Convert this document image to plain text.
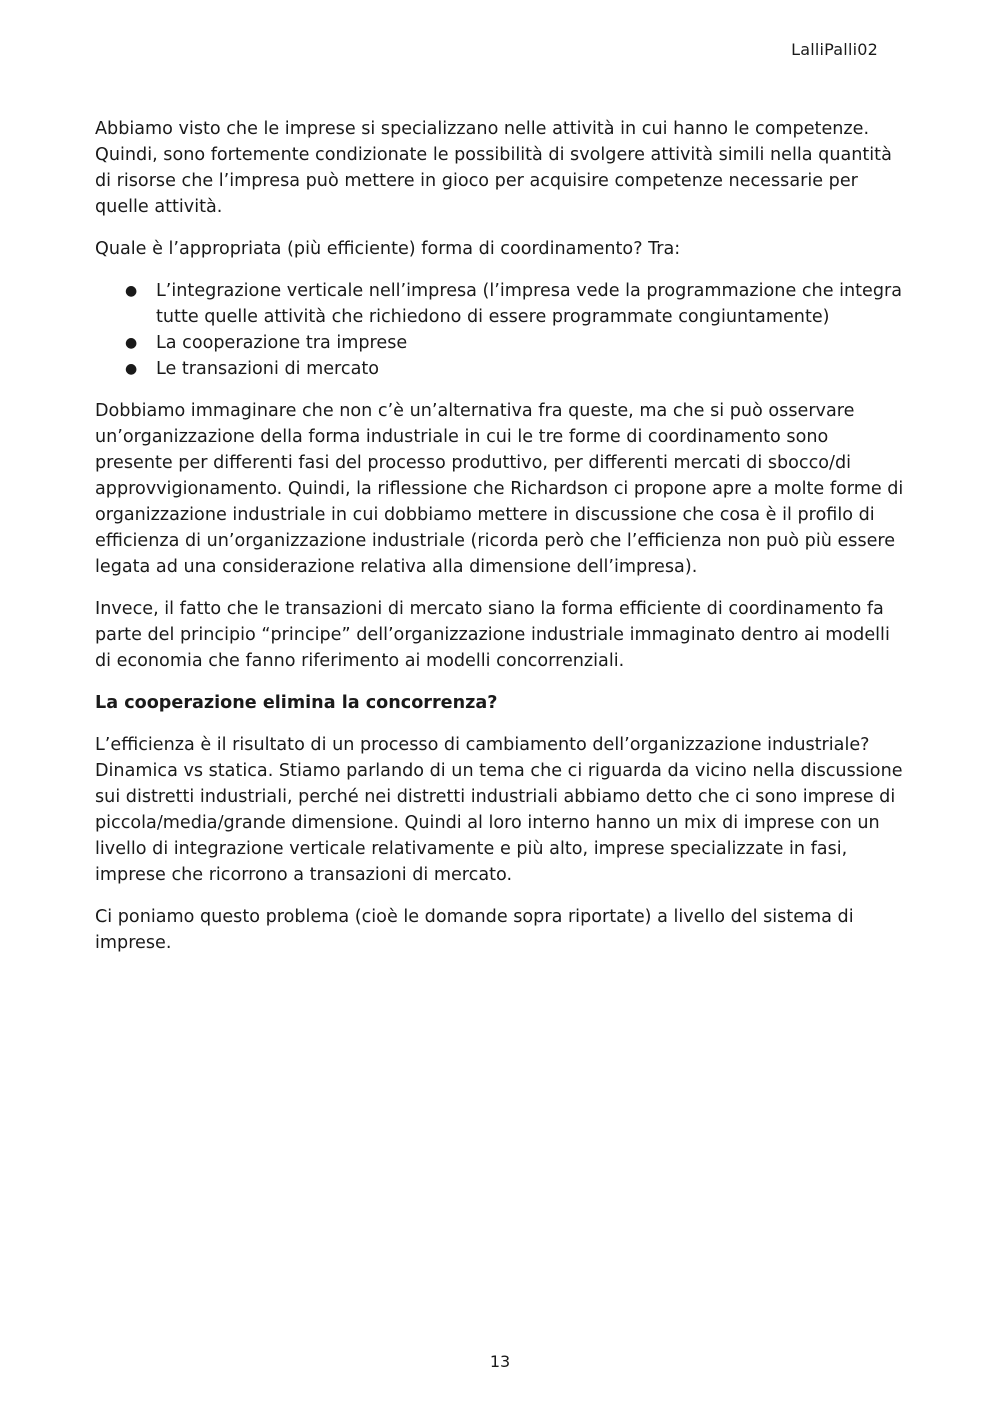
LalliPalli02

Abbiamo visto che le imprese si specializzano nelle attività in cui hanno le competenze. Quindi, sono fortemente condizionate le possibilità di svolgere attività simili nella quantità di risorse che l’impresa può mettere in gioco per acquisire competenze necessarie per quelle attività.

Quale è l’appropriata (più efficiente) forma di coordinamento? Tra:

● L’integrazione verticale nell’impresa (l’impresa vede la programmazione che integra tutte quelle attività che richiedono di essere programmate congiuntamente)
● La cooperazione tra imprese
● Le transazioni di mercato

Dobbiamo immaginare che non c’è un’alternativa fra queste, ma che si può osservare un’organizzazione della forma industriale in cui le tre forme di coordinamento sono presente per differenti fasi del processo produttivo, per differenti mercati di sbocco/di approvvigionamento. Quindi, la riflessione che Richardson ci propone apre a molte forme di organizzazione industriale in cui dobbiamo mettere in discussione che cosa è il profilo di efficienza di un’organizzazione industriale (ricorda però che l’efficienza non può più essere legata ad una considerazione relativa alla dimensione dell’impresa).

Invece, il fatto che le transazioni di mercato siano la forma efficiente di coordinamento fa parte del principio “principe” dell’organizzazione industriale immaginato dentro ai modelli di economia che fanno riferimento ai modelli concorrenziali.

La cooperazione elimina la concorrenza?

L’efficienza è il risultato di un processo di cambiamento dell’organizzazione industriale? Dinamica vs statica. Stiamo parlando di un tema che ci riguarda da vicino nella discussione sui distretti industriali, perché nei distretti industriali abbiamo detto che ci sono imprese di piccola/media/grande dimensione. Quindi al loro interno hanno un mix di imprese con un livello di integrazione verticale relativamente e più alto, imprese specializzate in fasi, imprese che ricorrono a transazioni di mercato.

Ci poniamo questo problema (cioè le domande sopra riportate) a livello del sistema di imprese.

13
